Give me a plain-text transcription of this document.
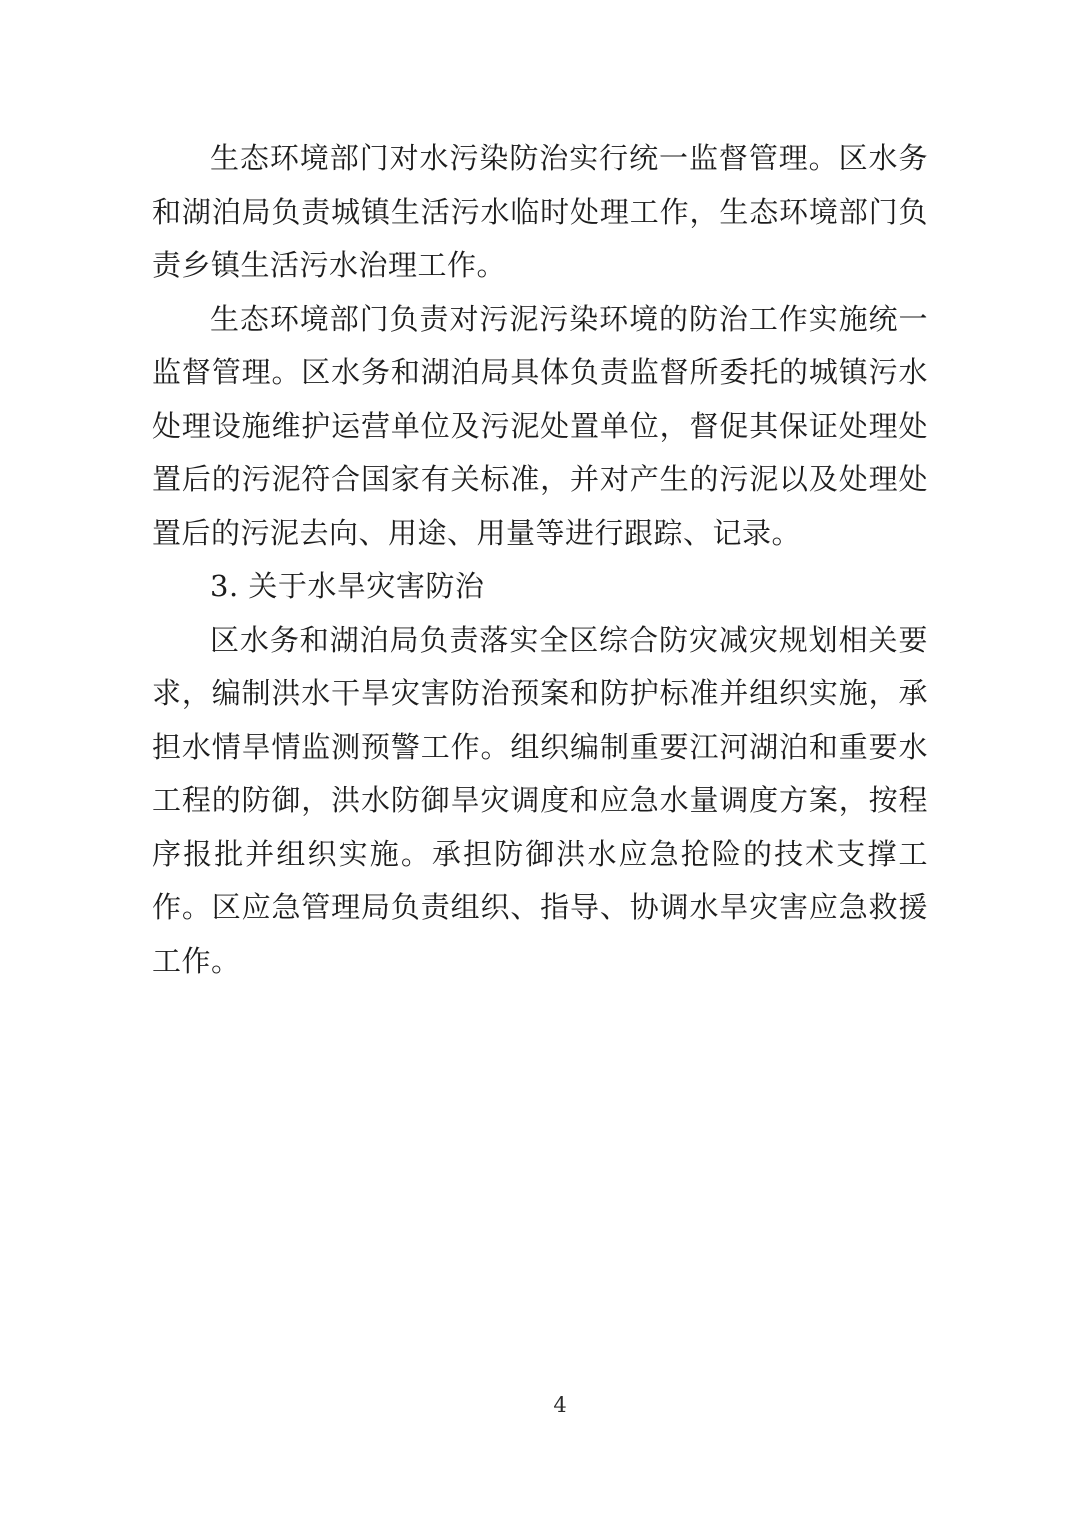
生态环境部门对水污染防治实行统一监督管理。区水务和湖泊局负责城镇生活污水临时处理工作，生态环境部门负责乡镇生活污水治理工作。

生态环境部门负责对污泥污染环境的防治工作实施统一监督管理。区水务和湖泊局具体负责监督所委托的城镇污水处理设施维护运营单位及污泥处置单位，督促其保证处理处置后的污泥符合国家有关标准，并对产生的污泥以及处理处置后的污泥去向、用途、用量等进行跟踪、记录。

3. 关于水旱灾害防治

区水务和湖泊局负责落实全区综合防灾减灾规划相关要求，编制洪水干旱灾害防治预案和防护标准并组织实施，承担水情旱情监测预警工作。组织编制重要江河湖泊和重要水工程的防御，洪水防御旱灾调度和应急水量调度方案，按程序报批并组织实施。承担防御洪水应急抢险的技术支撑工作。区应急管理局负责组织、指导、协调水旱灾害应急救援工作。

4
